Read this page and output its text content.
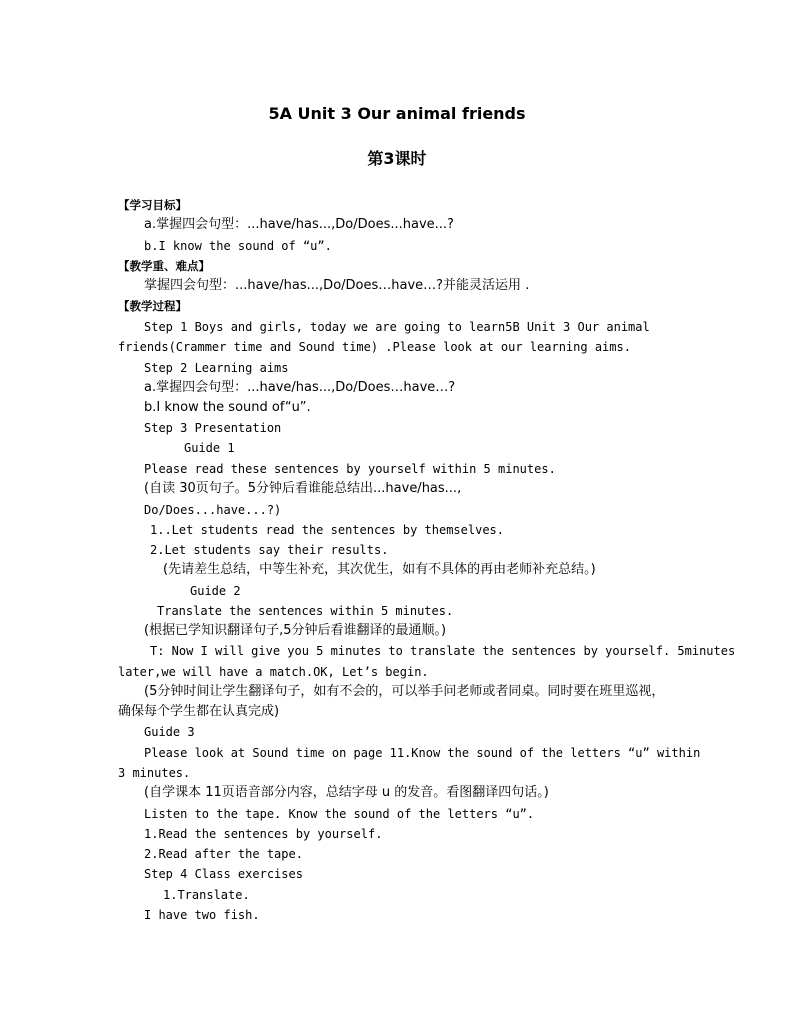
5A Unit 3 Our animal friends
第3课时
【学习目标】
a.掌握四会句型：...have/has...,Do/Does...have...?
b.I know the sound of “u”.
【教学重、难点】
掌握四会句型：...have/has...,Do/Does…have…?并能灵活运用 .
【教学过程】
Step 1 Boys and girls, today we are going to learn5B Unit 3 Our animal
friends(Crammer time and Sound time) .Please look at our learning aims.
Step 2 Learning aims
a.掌握四会句型：...have/has...,Do/Does…have…?
b.I know the sound of“u”.
Step 3 Presentation
Guide 1
Please read these sentences by yourself within 5 minutes.
(自读 30页句子。5分钟后看谁能总结出...have/has...,
Do/Does...have...?)
1..Let students read the sentences by themselves.
2.Let students say their results.
(先请差生总结，中等生补充，其次优生，如有不具体的再由老师补充总结。)
Guide 2
Translate the sentences within 5 minutes.
(根据已学知识翻译句子,5分钟后看谁翻译的最通顺。)
T: Now I will give you 5 minutes to translate the sentences by yourself. 5minutes
later,we will have a match.OK, Let’s begin.
(5分钟时间让学生翻译句子，如有不会的，可以举手问老师或者同桌。同时要在班里巡视，
确保每个学生都在认真完成)
Guide 3
Please look at Sound time on page 11.Know the sound of the letters “u” within
3 minutes.
(自学课本 11页语音部分内容，总结字母 u 的发音。看图翻译四句话。)
Listen to the tape. Know the sound of the letters “u”.
1.Read the sentences by yourself.
2.Read after the tape.
Step 4 Class exercises
1.Translate.
I have two fish.
